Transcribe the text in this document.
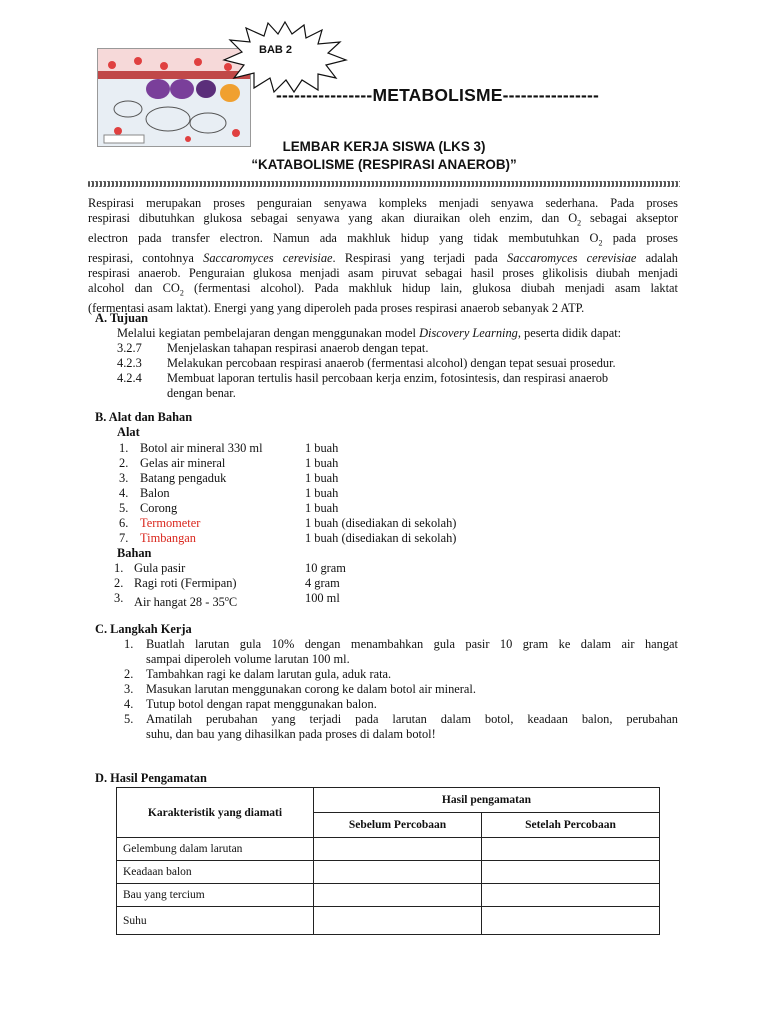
BAB 2
----------------METABOLISME----------------
LEMBAR KERJA SISWA (LKS 3)
“KATABOLISME (RESPIRASI ANAEROB)”
Respirasi merupakan proses penguraian senyawa kompleks menjadi senyawa sederhana. Pada proses
respirasi dibutuhkan glukosa sebagai senyawa yang akan diuraikan oleh enzim, dan $O_2$ sebagai akseptor
electron pada transfer electron. Namun ada makhluk hidup yang tidak membutuhkan $O_2$ pada proses
respirasi, contohnya Saccaromyces cerevisiae. Respirasi yang terjadi pada Saccaromyces cerevisiae adalah
respirasi anaerob. Penguraian glukosa menjadi asam piruvat sebagai hasil proses glikolisis diubah menjadi
alcohol dan $CO_2$ (fermentasi alcohol). Pada makhluk hidup lain, glukosa diubah menjadi asam laktat
(fermentasi asam laktat). Energi yang yang diperoleh pada proses respirasi anaerob sebanyak 2 ATP.
A. Tujuan
Melalui kegiatan pembelajaran dengan menggunakan model Discovery Learning, peserta didik dapat:
3.2.7 Menjelaskan tahapan respirasi anaerob dengan tepat.
4.2.3 Melakukan percobaan respirasi anaerob (fermentasi alcohol) dengan tepat sesuai prosedur.
4.2.4 Membuat laporan tertulis hasil percobaan kerja enzim, fotosintesis, dan respirasi anaerob
dengan benar.
B. Alat dan Bahan
Alat
1. Botol air mineral 330 ml	1 buah
2. Gelas air mineral	1 buah
3. Batang pengaduk	1 buah
4. Balon	1 buah
5. Corong	1 buah
6. Termometer	1 buah (disediakan di sekolah)
7. Timbangan	1 buah (disediakan di sekolah)
Bahan
1. Gula pasir	10 gram
2. Ragi roti (Fermipan)	4 gram
3. Air hangat 28 - 35$^o$C	100 ml
C. Langkah Kerja
1. Buatlah larutan gula 10% dengan menambahkan gula pasir 10 gram ke dalam air hangat
sampai diperoleh volume larutan 100 ml.
2. Tambahkan ragi ke dalam larutan gula, aduk rata.
3. Masukan larutan menggunakan corong ke dalam botol air mineral.
4. Tutup botol dengan rapat menggunakan balon.
5. Amatilah perubahan yang terjadi pada larutan dalam botol, keadaan balon, perubahan
suhu, dan bau yang dihasilkan pada proses di dalam botol!
D. Hasil Pengamatan
Karakteristik yang diamati	Hasil pengamatan	
	Sebelum Percobaan	Setelah Percobaan
Gelembung dalam larutan		
Keadaan balon		
Bau yang tercium		
Suhu		
